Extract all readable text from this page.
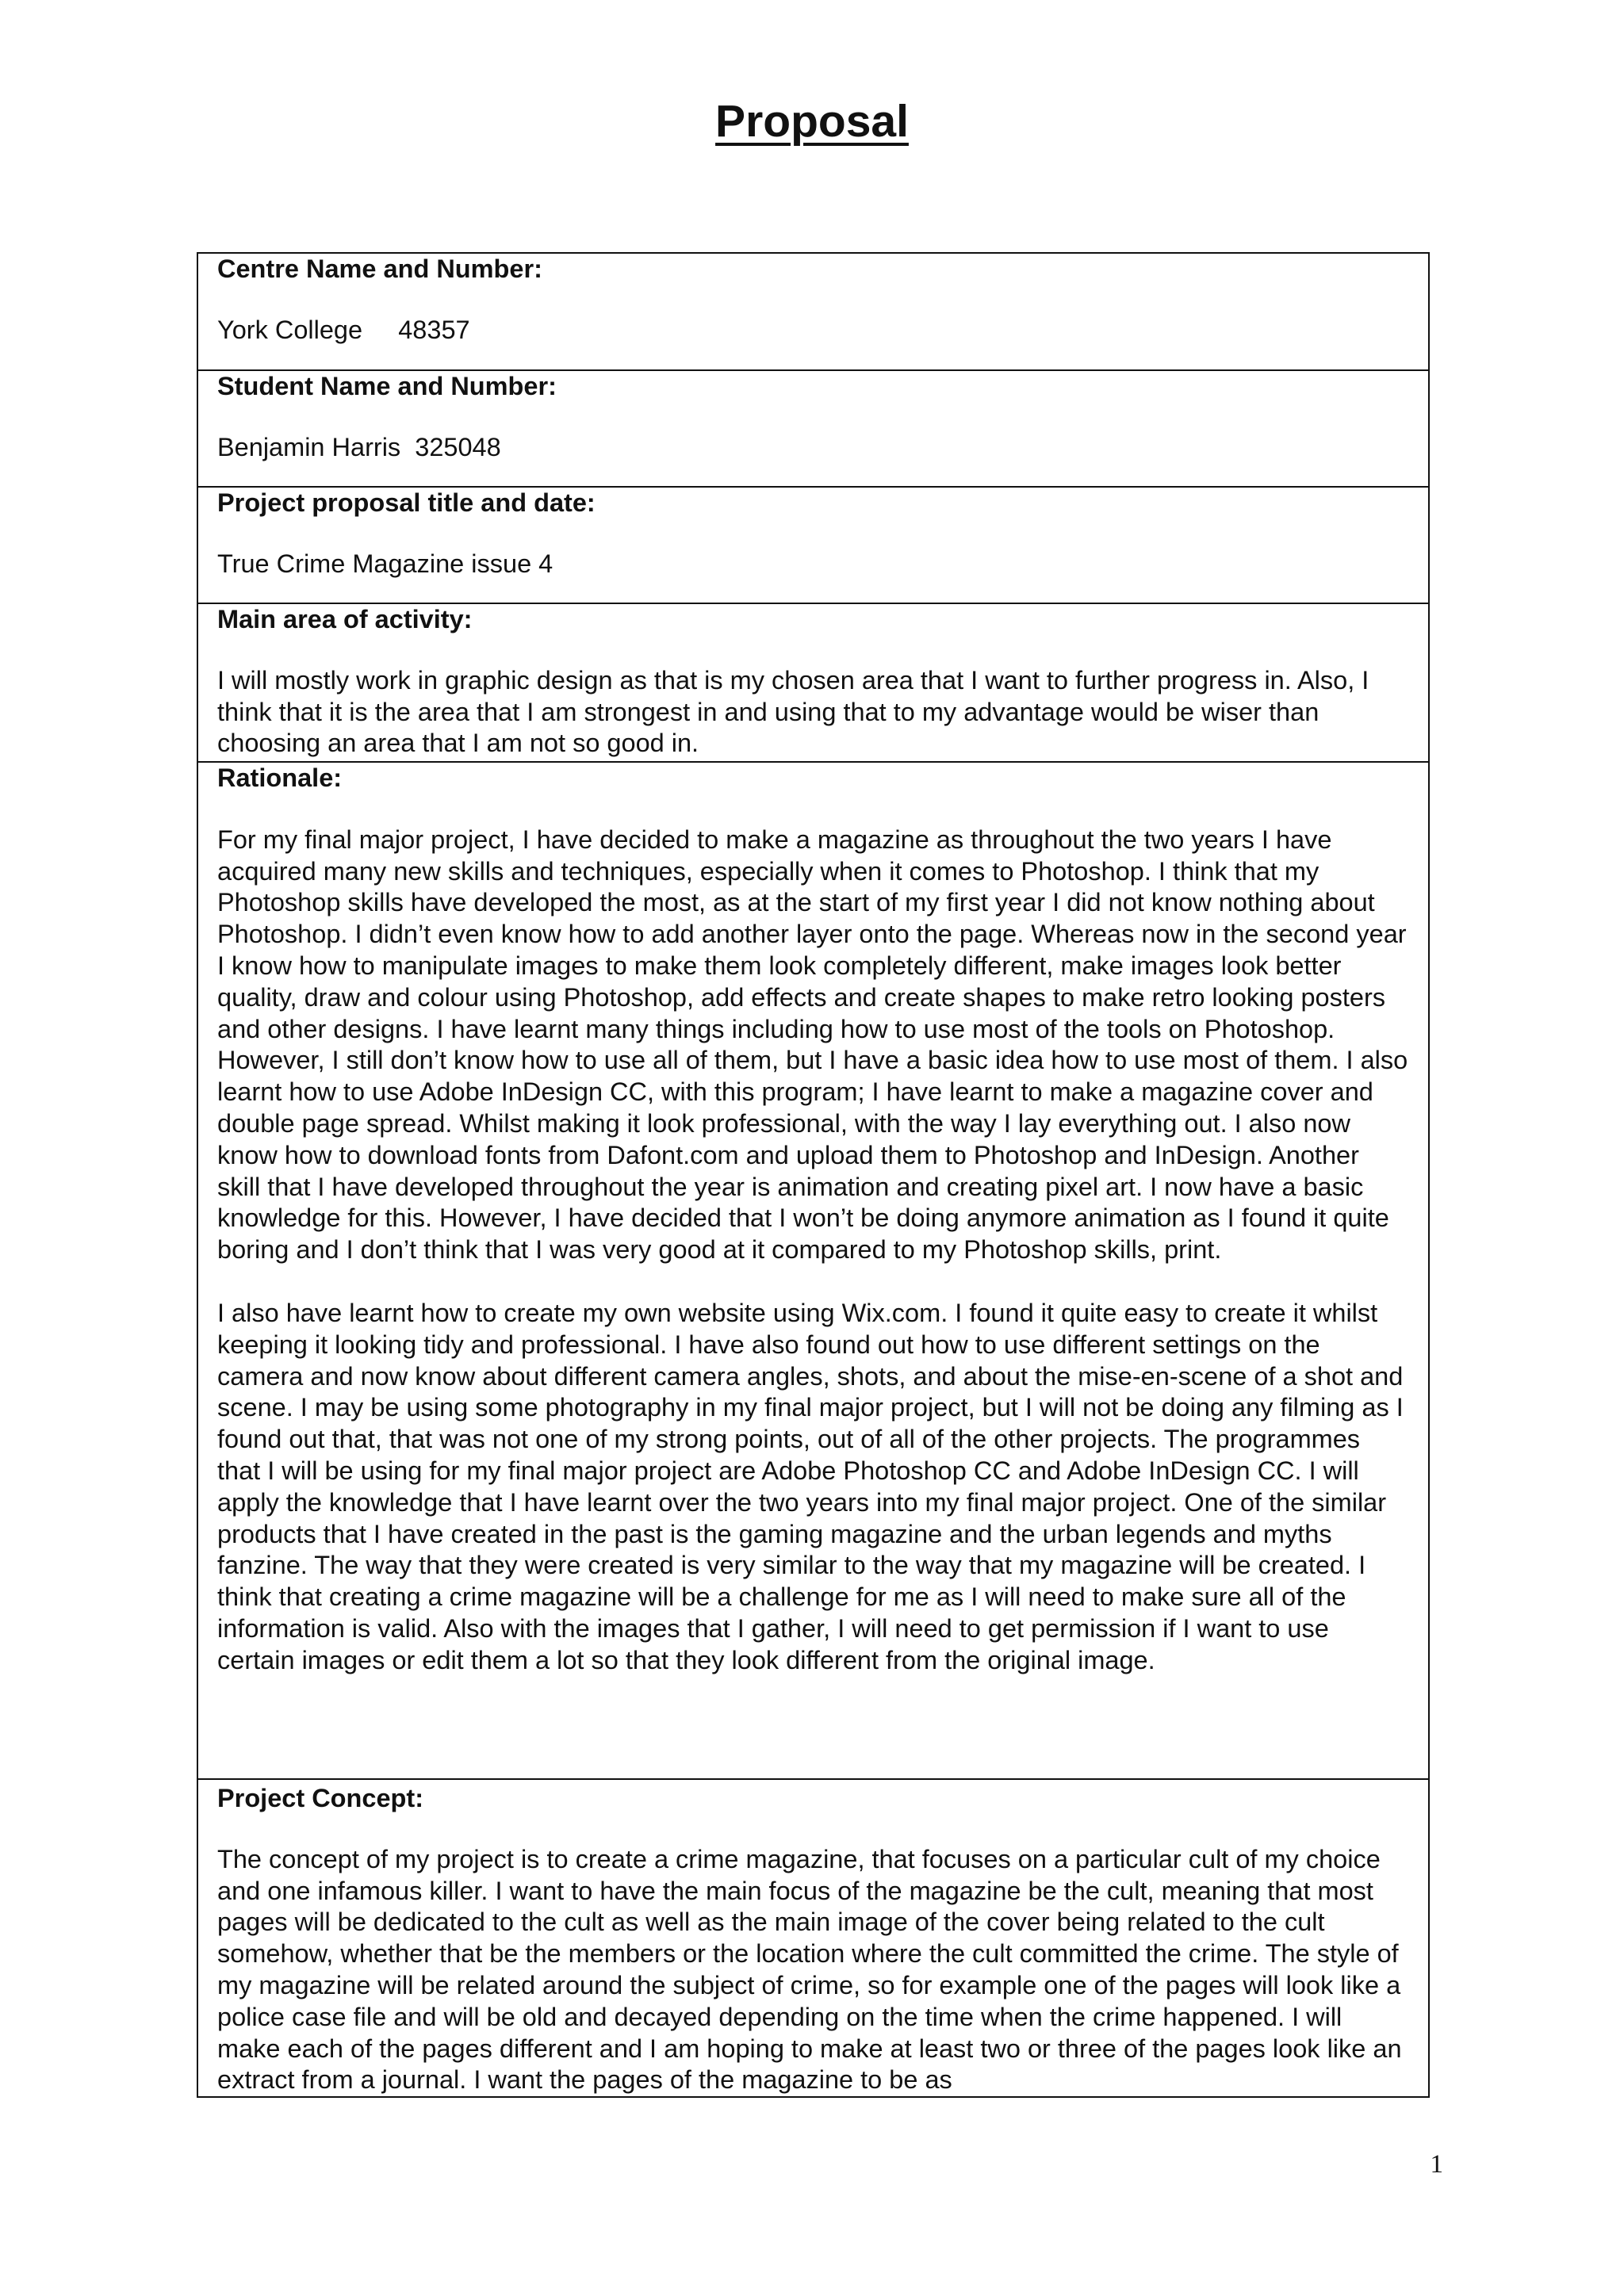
Proposal
Centre Name and Number:
York College     48357

Student Name and Number:
Benjamin Harris  325048

Project proposal title and date:
True Crime Magazine issue 4

Main area of activity:
I will mostly work in graphic design as that is my chosen area that I want to further progress in. Also, I think that it is the area that I am strongest in and using that to my advantage would be wiser than choosing an area that I am not so good in.

Rationale:

For my final major project, I have decided to make a magazine as throughout the two years I have acquired many new skills and techniques, especially when it comes to Photoshop. I think that my Photoshop skills have developed the most, as at the start of my first year I did not know nothing about Photoshop. I didn’t even know how to add another layer onto the page. Whereas now in the second year I know how to manipulate images to make them look completely different, make images look better quality, draw and colour using Photoshop, add effects and create shapes to make retro looking posters and other designs. I have learnt many things including how to use most of the tools on Photoshop. However, I still don’t know how to use all of them, but I have a basic idea how to use most of them. I also learnt how to use Adobe InDesign CC, with this program; I have learnt to make a magazine cover and double page spread. Whilst making it look professional, with the way I lay everything out. I also now know how to download fonts from Dafont.com and upload them to Photoshop and InDesign. Another skill that I have developed throughout the year is animation and creating pixel art. I now have a basic knowledge for this. However, I have decided that I won’t be doing anymore animation as I found it quite boring and I don’t think that I was very good at it compared to my Photoshop skills, print.

I also have learnt how to create my own website using Wix.com. I found it quite easy to create it whilst keeping it looking tidy and professional. I have also found out how to use different settings on the camera and now know about different camera angles, shots, and about the mise-en-scene of a shot and scene. I may be using some photography in my final major project, but I will not be doing any filming as I found out that, that was not one of my strong points, out of all of the other projects. The programmes that I will be using for my final major project are Adobe Photoshop CC and Adobe InDesign CC. I will apply the knowledge that I have learnt over the two years into my final major project. One of the similar products that I have created in the past is the gaming magazine and the urban legends and myths fanzine. The way that they were created is very similar to the way that my magazine will be created. I think that creating a crime magazine will be a challenge for me as I will need to make sure all of the information is valid. Also with the images that I gather, I will need to get permission if I want to use certain images or edit them a lot so that they look different from the original image.

Project Concept:
The concept of my project is to create a crime magazine, that focuses on a particular cult of my choice and one infamous killer. I want to have the main focus of the magazine be the cult, meaning that most pages will be dedicated to the cult as well as the main image of the cover being related to the cult somehow, whether that be the members or the location where the cult committed the crime. The style of my magazine will be related around the subject of crime, so for example one of the pages will look like a police case file and will be old and decayed depending on the time when the crime happened. I will make each of the pages different and I am hoping to make at least two or three of the pages look like an extract from a journal. I want the pages of the magazine to be as
1
